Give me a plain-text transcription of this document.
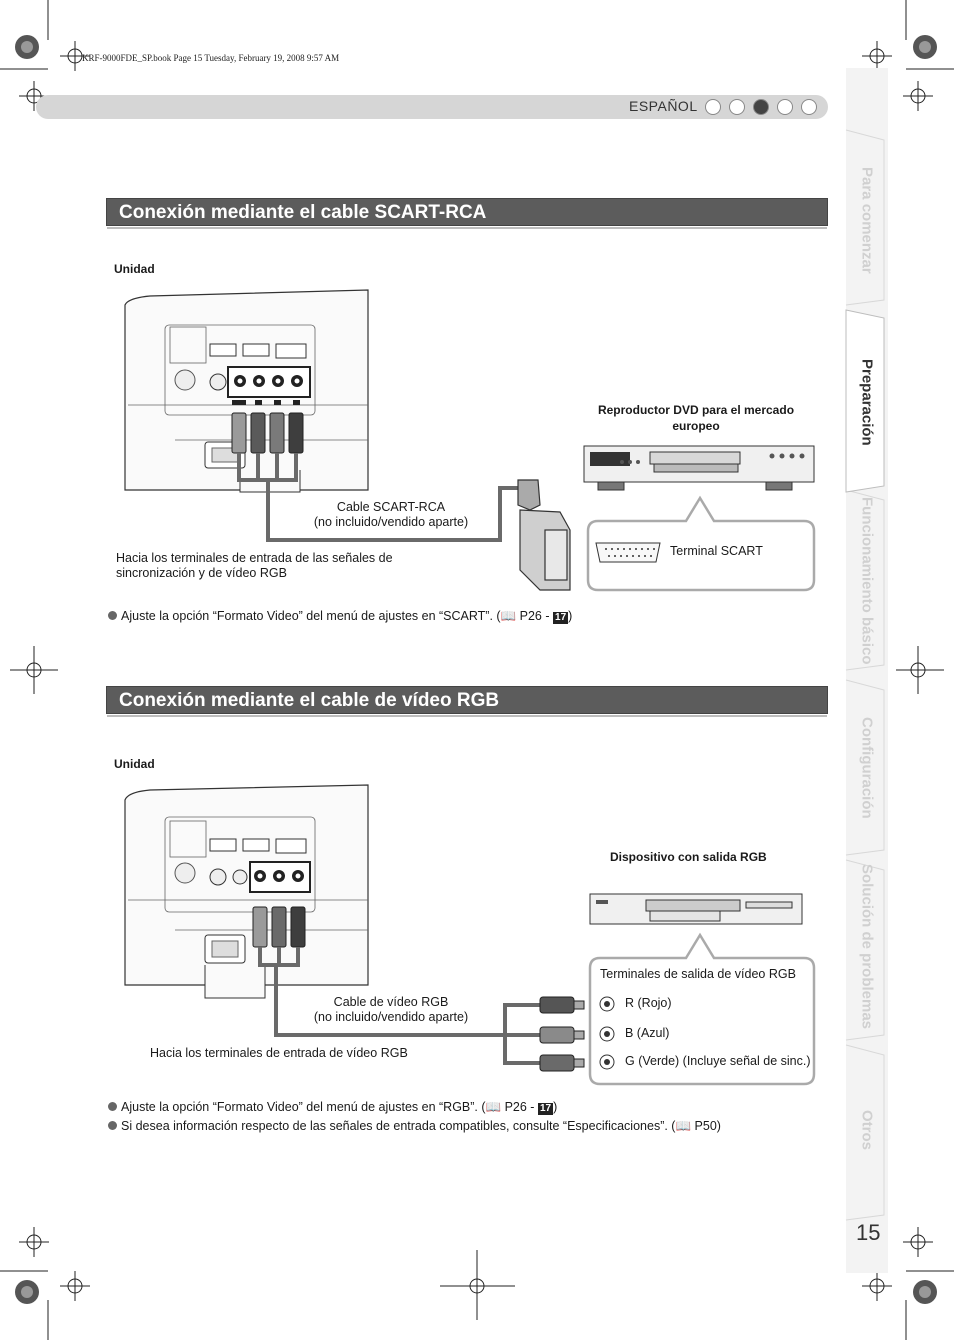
KRF-9000FDE_SP.book Page 15 Tuesday, February 19, 2008 9:57 AM
ESPAÑOL
Para comenzar
Preparación
Funcionamiento básico
Configuración
Solución de problemas
Otros
15
Conexión mediante el cable SCART-RCA
Unidad
Reproductor DVD para el mercado europeo
Terminal SCART
Cable SCART-RCA
(no incluido/vendido aparte)
Hacia los terminales de entrada de las señales de
sincronización y de vídeo RGB
Ajuste la opción “Formato Video” del menú de ajustes en “SCART”. (📖 P26 - 17 )
Conexión mediante el cable de vídeo RGB
Unidad
Dispositivo con salida RGB
Terminales de salida de vídeo RGB
R (Rojo)
B (Azul)
G (Verde) (Incluye señal de sinc.)
Cable de vídeo RGB
(no incluido/vendido aparte)
Hacia los terminales de entrada de vídeo RGB
Ajuste la opción “Formato Video” del menú de ajustes en “RGB”. (📖 P26 - 17 )
Si desea información respecto de las señales de entrada compatibles, consulte “Especificaciones”. (📖 P50)
